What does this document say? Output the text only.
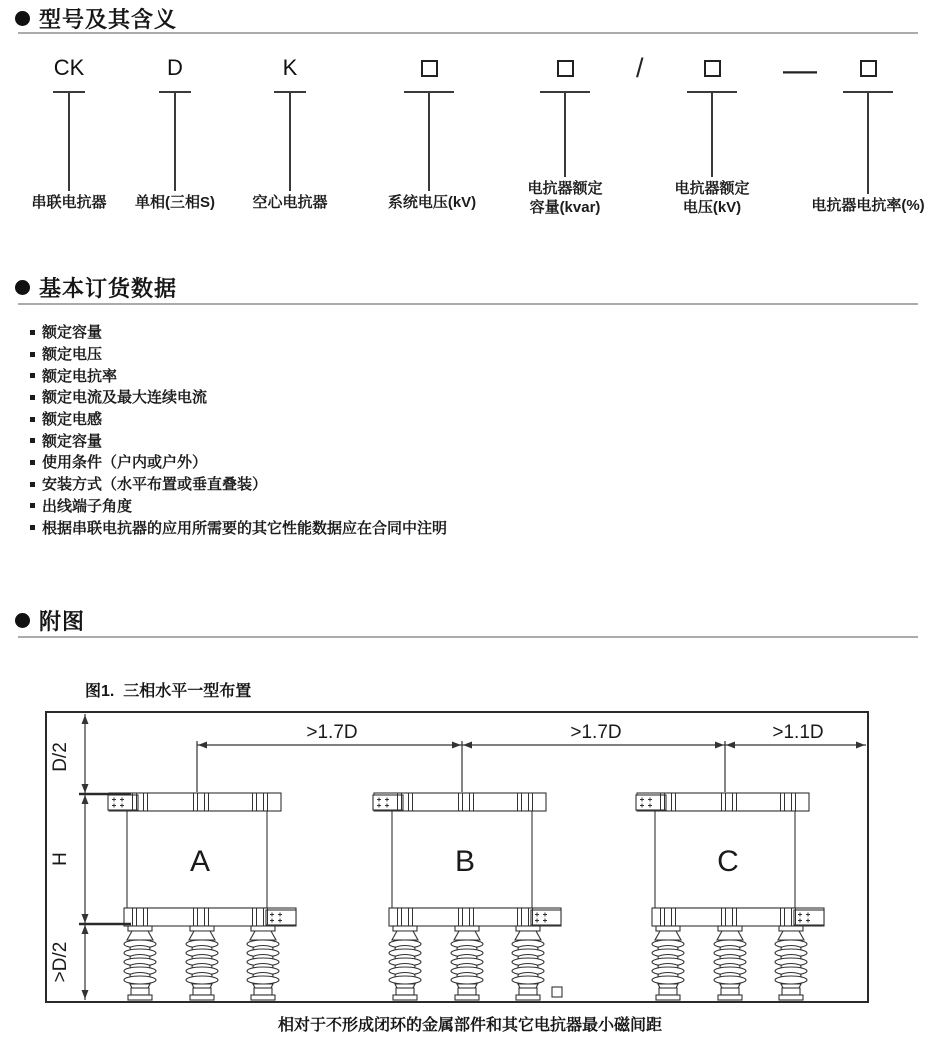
型号及其含义
CK
串联电抗器
D
单相(三相S)
K
空心电抗器	系统电压(kV)
电抗器额定
容量(kvar)
/
电抗器额定
电压(kV)
—
电抗器电抗率(%)
基本订货数据
额定容量
额定电压
额定电抗率
额定电流及最大连续电流
额定电感
额定容量
使用条件（户内或户外）
安装方式（水平布置或垂直叠装）
出线端子角度
根据串联电抗器的应用所需要的其它性能数据应在合同中注明
附图
图1.  三相水平一型布置
A	B	C
D/2
H
>D/2
>1.7D	>1.7D	>1.1D
相对于不形成闭环的金属部件和其它电抗器最小磁间距
